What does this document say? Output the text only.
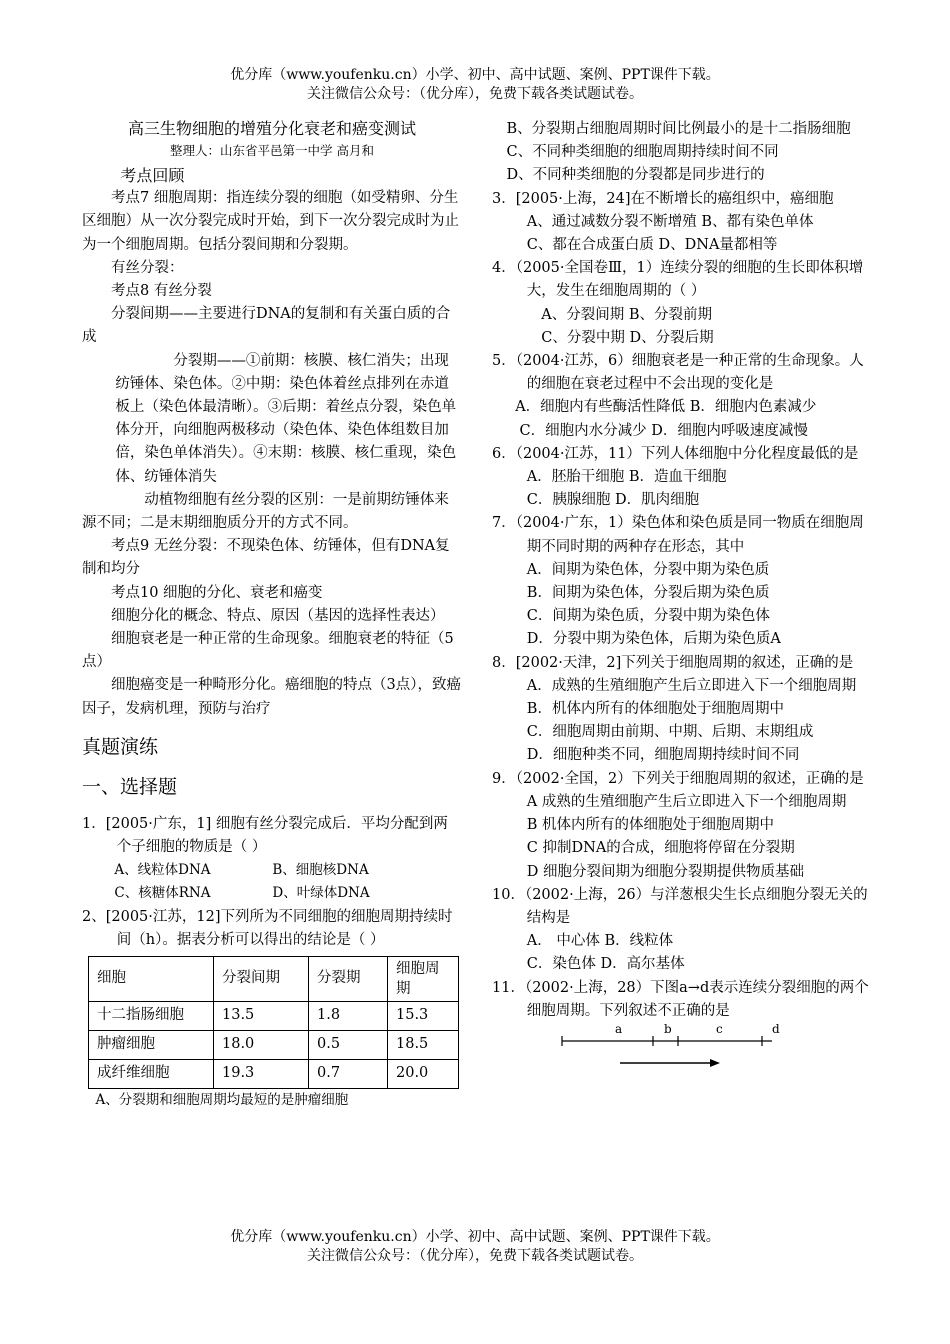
优分库（www.youfenku.cn）小学、初中、高中试题、案例、PPT课件下载。
关注微信公众号：（优分库），免费下载各类试题试卷。

高三生物细胞的增殖分化衰老和癌变测试

整理人：山东省平邑第一中学 高月和

考点回顾

考点7 细胞周期：指连续分裂的细胞（如受精卵、分生区细胞）从一次分裂完成时开始，到下一次分裂完成时为止为一个细胞周期。包括分裂间期和分裂期。

有丝分裂：

考点8 有丝分裂

分裂间期——主要进行DNA的复制和有关蛋白质的合成

分裂期——①前期：核膜、核仁消失；出现纺锤体、染色体。②中期：染色体着丝点排列在赤道板上（染色体最清晰）。③后期：着丝点分裂，染色单体分开，向细胞两极移动（染色体、染色体组数目加倍，染色单体消失）。④末期：核膜、核仁重现，染色体、纺锤体消失

动植物细胞有丝分裂的区别：一是前期纺锤体来源不同；二是末期细胞质分开的方式不同。

考点9 无丝分裂：不现染色体、纺锤体，但有DNA复制和均分

考点10 细胞的分化、衰老和癌变

细胞分化的概念、特点、原因（基因的选择性表达）

细胞衰老是一种正常的生命现象。细胞衰老的特征（5点）

细胞癌变是一种畸形分化。癌细胞的特点（3点），致癌因子，发病机理，预防与治疗

真题演练

一、选择题

1．[2005·广东，1] 细胞有丝分裂完成后．平均分配到两个子细胞的物质是（ ）

A、线粒体DNA	B、细胞核DNA

C、核糖体RNA	D、叶绿体DNA

2、[2005·江苏，12]下列所为不同细胞的细胞周期持续时间（h）。据表分析可以得出的结论是（ ）

细胞	分裂间期	分裂期	细胞周期
十二指肠细胞	13.5	1.8	15.3
肿瘤细胞	18.0	0.5	18.5
成纤维细胞	19.3	0.7	20.0

A、分裂期和细胞周期均最短的是肿瘤细胞

B、分裂期占细胞周期时间比例最小的是十二指肠细胞

C、不同种类细胞的细胞周期持续时间不同

D、不同种类细胞的分裂都是同步进行的

3．[2005·上海，24]在不断增长的癌组织中，癌细胞

A、通过减数分裂不断增殖 B、都有染色单体

C、都在合成蛋白质 D、DNA量都相等

4．（2005·全国卷Ⅲ，1）连续分裂的细胞的生长即体积增大，发生在细胞周期的（ ）

A、分裂间期 B、分裂前期

C、分裂中期 D、分裂后期

5．（2004·江苏，6）细胞衰老是一种正常的生命现象。人的细胞在衰老过程中不会出现的变化是

A．细胞内有些酶活性降低 B．细胞内色素减少

C．细胞内水分减少 D．细胞内呼吸速度减慢

6．（2004·江苏，11）下列人体细胞中分化程度最低的是

A．胚胎干细胞 B．造血干细胞

C．胰腺细胞 D．肌肉细胞

7．（2004·广东，1）染色体和染色质是同一物质在细胞周期不同时期的两种存在形态，其中

A．间期为染色体，分裂中期为染色质

B．间期为染色体，分裂后期为染色质

C．间期为染色质，分裂中期为染色体

D．分裂中期为染色体，后期为染色质A

8．[2002·天津，2]下列关于细胞周期的叙述，正确的是

A．成熟的生殖细胞产生后立即进入下一个细胞周期

B．机体内所有的体细胞处于细胞周期中

C．细胞周期由前期、中期、后期、末期组成

D．细胞种类不同，细胞周期持续时间不同

9．（2002·全国，2）下列关于细胞周期的叙述，正确的是

A 成熟的生殖细胞产生后立即进入下一个细胞周期

B 机体内所有的体细胞处于细胞周期中

C 抑制DNA的合成，细胞将停留在分裂期

D 细胞分裂间期为细胞分裂期提供物质基础

10．（2002·上海，26）与洋葱根尖生长点细胞分裂无关的结构是

A． 中心体 B．线粒体

C．染色体 D．高尔基体

11．（2002·上海，28）下图a→d表示连续分裂细胞的两个细胞周期。下列叙述不正确的是

a	b	c	d
优分库（www.youfenku.cn）小学、初中、高中试题、案例、PPT课件下载。
关注微信公众号：（优分库），免费下载各类试题试卷。
